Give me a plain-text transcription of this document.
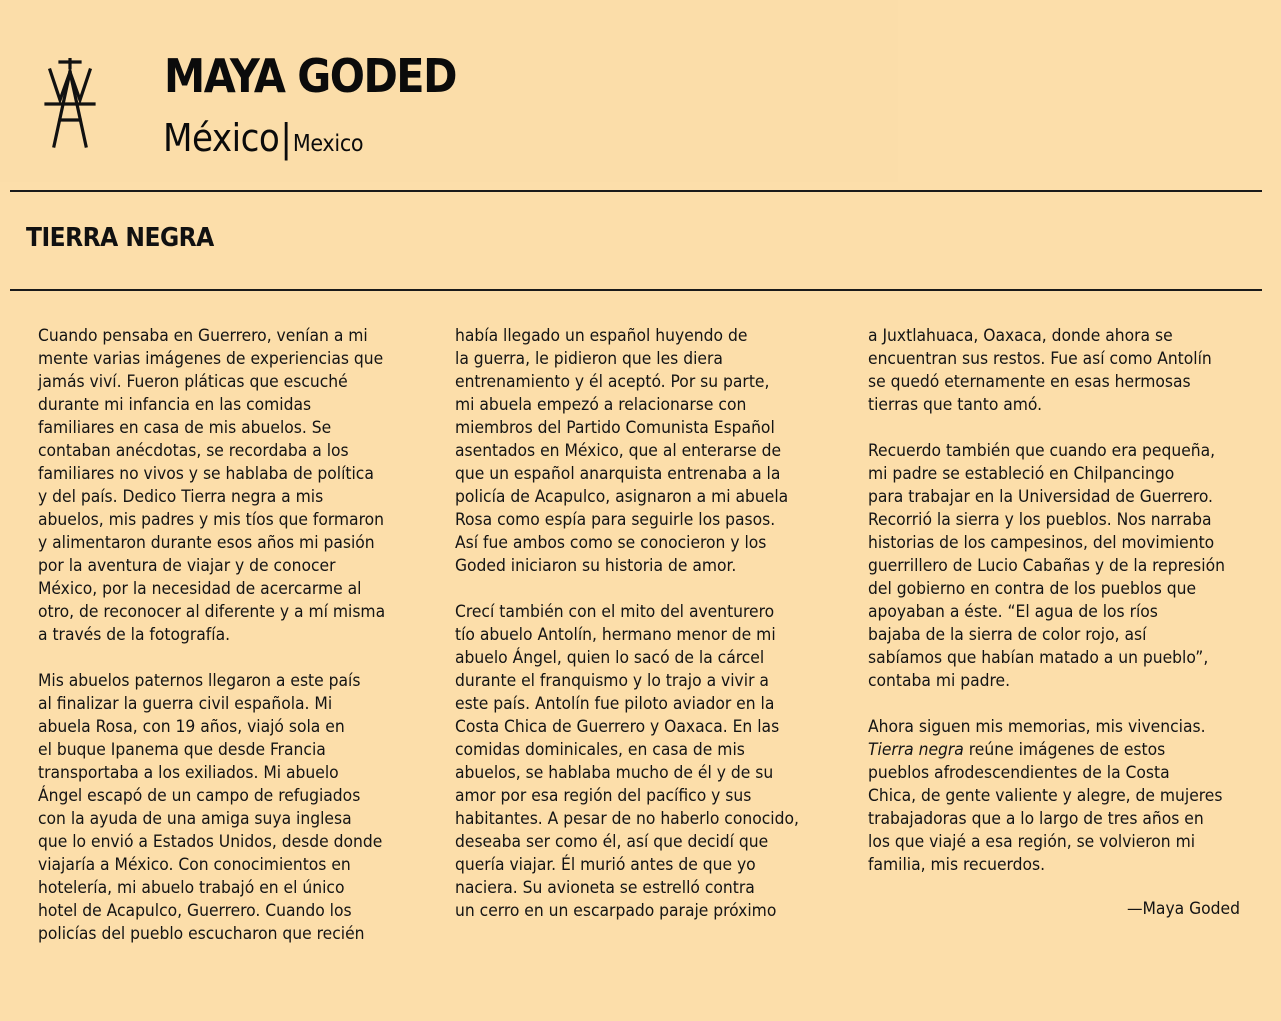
MAYA GODED
México|Mexico
TIERRA NEGRA
Cuando pensaba en Guerrero, venían a mi
mente varias imágenes de experiencias que
jamás viví. Fueron pláticas que escuché
durante mi infancia en las comidas
familiares en casa de mis abuelos. Se
contaban anécdotas, se recordaba a los
familiares no vivos y se hablaba de política
y del país. Dedico Tierra negra a mis
abuelos, mis padres y mis tíos que formaron
y alimentaron durante esos años mi pasión
por la aventura de viajar y de conocer
México, por la necesidad de acercarme al
otro, de reconocer al diferente y a mí misma
a través de la fotografía.
Mis abuelos paternos llegaron a este país
al finalizar la guerra civil española. Mi
abuela Rosa, con 19 años, viajó sola en
el buque Ipanema que desde Francia
transportaba a los exiliados. Mi abuelo
Ángel escapó de un campo de refugiados
con la ayuda de una amiga suya inglesa
que lo envió a Estados Unidos, desde donde
viajaría a México. Con conocimientos en
hotelería, mi abuelo trabajó en el único
hotel de Acapulco, Guerrero. Cuando los
policías del pueblo escucharon que recién
había llegado un español huyendo de
la guerra, le pidieron que les diera
entrenamiento y él aceptó. Por su parte,
mi abuela empezó a relacionarse con
miembros del Partido Comunista Español
asentados en México, que al enterarse de
que un español anarquista entrenaba a la
policía de Acapulco, asignaron a mi abuela
Rosa como espía para seguirle los pasos.
Así fue ambos como se conocieron y los
Goded iniciaron su historia de amor.
Crecí también con el mito del aventurero
tío abuelo Antolín, hermano menor de mi
abuelo Ángel, quien lo sacó de la cárcel
durante el franquismo y lo trajo a vivir a
este país. Antolín fue piloto aviador en la
Costa Chica de Guerrero y Oaxaca. En las
comidas dominicales, en casa de mis
abuelos, se hablaba mucho de él y de su
amor por esa región del pacífico y sus
habitantes. A pesar de no haberlo conocido,
deseaba ser como él, así que decidí que
quería viajar. Él murió antes de que yo
naciera. Su avioneta se estrelló contra
un cerro en un escarpado paraje próximo
a Juxtlahuaca, Oaxaca, donde ahora se
encuentran sus restos. Fue así como Antolín
se quedó eternamente en esas hermosas
tierras que tanto amó.
Recuerdo también que cuando era pequeña,
mi padre se estableció en Chilpancingo
para trabajar en la Universidad de Guerrero.
Recorrió la sierra y los pueblos. Nos narraba
historias de los campesinos, del movimiento
guerrillero de Lucio Cabañas y de la represión
del gobierno en contra de los pueblos que
apoyaban a éste. “El agua de los ríos
bajaba de la sierra de color rojo, así
sabíamos que habían matado a un pueblo”,
contaba mi padre.
Ahora siguen mis memorias, mis vivencias.
Tierra negra reúne imágenes de estos
pueblos afrodescendientes de la Costa
Chica, de gente valiente y alegre, de mujeres
trabajadoras que a lo largo de tres años en
los que viajé a esa región, se volvieron mi
familia, mis recuerdos.
—Maya Goded
